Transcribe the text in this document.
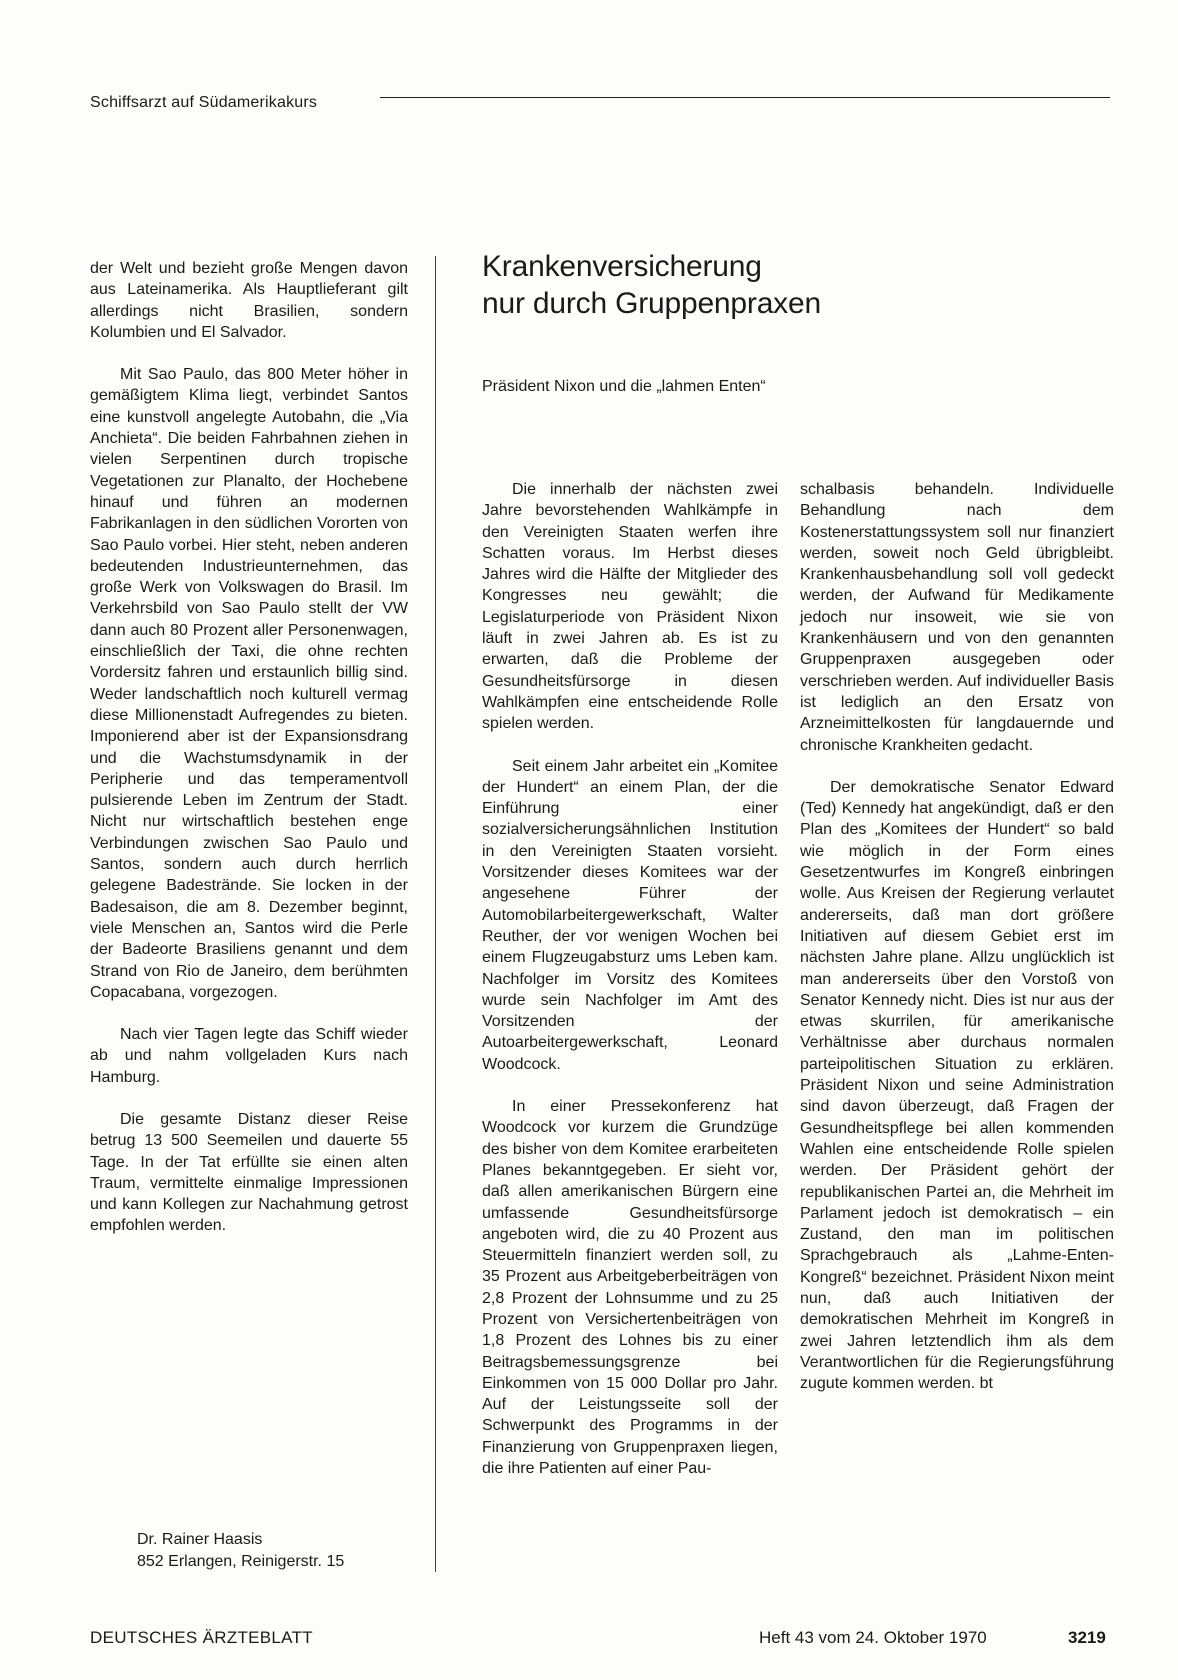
Schiffsarzt auf Südamerikakurs

der Welt und bezieht große Mengen davon aus Lateinamerika. Als Hauptlieferant gilt allerdings nicht Brasilien, sondern Kolumbien und El Salvador.

Mit Sao Paulo, das 800 Meter höher in gemäßigtem Klima liegt, verbindet Santos eine kunstvoll angelegte Autobahn, die „Via Anchieta“. Die beiden Fahrbahnen ziehen in vielen Serpentinen durch tropische Vegetationen zur Planalto, der Hochebene hinauf und führen an modernen Fabrikanlagen in den südlichen Vororten von Sao Paulo vorbei. Hier steht, neben anderen bedeutenden Industrieunternehmen, das große Werk von Volkswagen do Brasil. Im Verkehrsbild von Sao Paulo stellt der VW dann auch 80 Prozent aller Personenwagen, einschließlich der Taxi, die ohne rechten Vordersitz fahren und erstaunlich billig sind. Weder landschaftlich noch kulturell vermag diese Millionenstadt Aufregendes zu bieten. Imponierend aber ist der Expansionsdrang und die Wachstumsdynamik in der Peripherie und das temperamentvoll pulsierende Leben im Zentrum der Stadt. Nicht nur wirtschaftlich bestehen enge Verbindungen zwischen Sao Paulo und Santos, sondern auch durch herrlich gelegene Badestrände. Sie locken in der Badesaison, die am 8. Dezember beginnt, viele Menschen an, Santos wird die Perle der Badeorte Brasiliens genannt und dem Strand von Rio de Janeiro, dem berühmten Copacabana, vorgezogen.

Nach vier Tagen legte das Schiff wieder ab und nahm vollgeladen Kurs nach Hamburg.

Die gesamte Distanz dieser Reise betrug 13 500 Seemeilen und dauerte 55 Tage. In der Tat erfüllte sie einen alten Traum, vermittelte einmalige Impressionen und kann Kollegen zur Nachahmung getrost empfohlen werden.

Dr. Rainer Haasis
852 Erlangen, Reinigerstr. 15
Krankenversicherung
nur durch Gruppenpraxen
Präsident Nixon und die „lahmen Enten“

Die innerhalb der nächsten zwei Jahre bevorstehenden Wahlkämpfe in den Vereinigten Staaten werfen ihre Schatten voraus. Im Herbst dieses Jahres wird die Hälfte der Mitglieder des Kongresses neu gewählt; die Legislaturperiode von Präsident Nixon läuft in zwei Jahren ab. Es ist zu erwarten, daß die Probleme der Gesundheitsfürsorge in diesen Wahlkämpfen eine entscheidende Rolle spielen werden.

Seit einem Jahr arbeitet ein „Komitee der Hundert“ an einem Plan, der die Einführung einer sozialversicherungsähnlichen Institution in den Vereinigten Staaten vorsieht. Vorsitzender dieses Komitees war der angesehene Führer der Automobilarbeitergewerkschaft, Walter Reuther, der vor wenigen Wochen bei einem Flugzeugabsturz ums Leben kam. Nachfolger im Vorsitz des Komitees wurde sein Nachfolger im Amt des Vorsitzenden der Autoarbeitergewerkschaft, Leonard Woodcock.

In einer Pressekonferenz hat Woodcock vor kurzem die Grundzüge des bisher von dem Komitee erarbeiteten Planes bekanntgegeben. Er sieht vor, daß allen amerikanischen Bürgern eine umfassende Gesundheitsfürsorge angeboten wird, die zu 40 Prozent aus Steuermitteln finanziert werden soll, zu 35 Prozent aus Arbeitgeberbeiträgen von 2,8 Prozent der Lohnsumme und zu 25 Prozent von Versichertenbeiträgen von 1,8 Prozent des Lohnes bis zu einer Beitragsbemessungsgrenze bei Einkommen von 15 000 Dollar pro Jahr. Auf der Leistungsseite soll der Schwerpunkt des Programms in der Finanzierung von Gruppenpraxen liegen, die ihre Patienten auf einer Pau-

schalbasis behandeln. Individuelle Behandlung nach dem Kostenerstattungssystem soll nur finanziert werden, soweit noch Geld übrigbleibt. Krankenhausbehandlung soll voll gedeckt werden, der Aufwand für Medikamente jedoch nur insoweit, wie sie von Krankenhäusern und von den genannten Gruppenpraxen ausgegeben oder verschrieben werden. Auf individueller Basis ist lediglich an den Ersatz von Arzneimittelkosten für langdauernde und chronische Krankheiten gedacht.

Der demokratische Senator Edward (Ted) Kennedy hat angekündigt, daß er den Plan des „Komitees der Hundert“ so bald wie möglich in der Form eines Gesetzentwurfes im Kongreß einbringen wolle. Aus Kreisen der Regierung verlautet andererseits, daß man dort größere Initiativen auf diesem Gebiet erst im nächsten Jahre plane. Allzu unglücklich ist man andererseits über den Vorstoß von Senator Kennedy nicht. Dies ist nur aus der etwas skurrilen, für amerikanische Verhältnisse aber durchaus normalen parteipolitischen Situation zu erklären. Präsident Nixon und seine Administration sind davon überzeugt, daß Fragen der Gesundheitspflege bei allen kommenden Wahlen eine entscheidende Rolle spielen werden. Der Präsident gehört der republikanischen Partei an, die Mehrheit im Parlament jedoch ist demokratisch – ein Zustand, den man im politischen Sprachgebrauch als „Lahme-Enten-Kongreß“ bezeichnet. Präsident Nixon meint nun, daß auch Initiativen der demokratischen Mehrheit im Kongreß in zwei Jahren letztendlich ihm als dem Verantwortlichen für die Regierungsführung zugute kommen werden. bt

DEUTSCHES ÄRZTEBLATT	Heft 43 vom 24. Oktober 1970	3219
